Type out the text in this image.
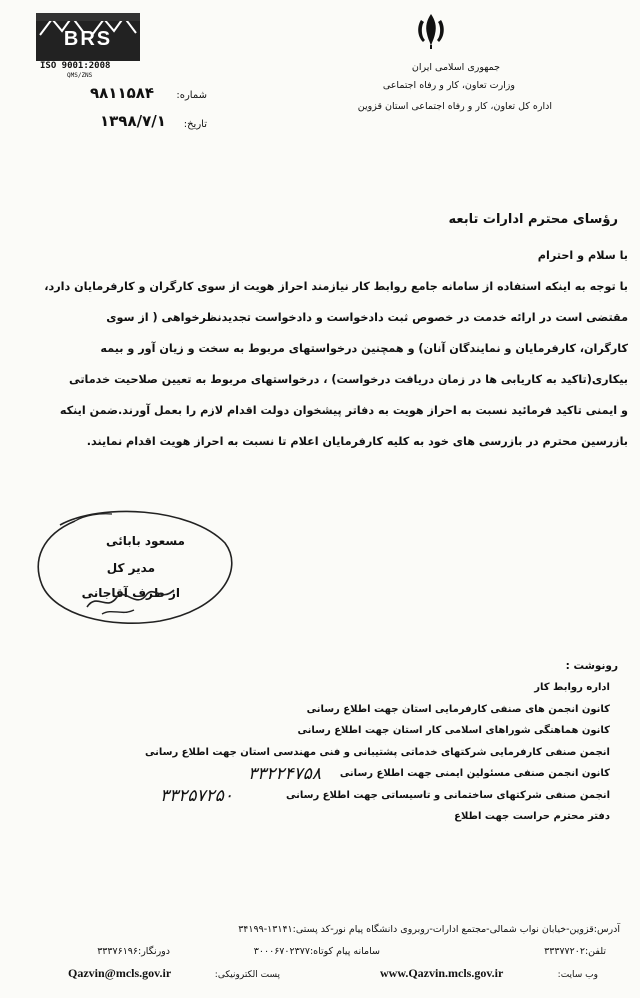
جمهوری اسلامی ایران
وزارت تعاون، کار و رفاه اجتماعی
اداره کل تعاون، کار و رفاه اجتماعی استان قزوین
BRS
ISO 9001:2008
QMS/ZNS
شماره:
۹۸۱۱۵۸۴
تاریخ:
۱۳۹۸/۷/۱
رؤسای محترم ادارات تابعه

با سلام و احترام

با توجه به اینکه استفاده از سامانه جامع روابط کار نیازمند احراز هویت از سوی کارگران و کارفرمایان دارد،

مقتضی است در ارائه خدمت در خصوص ثبت دادخواست و دادخواست تجدیدنظرخواهی ( از سوی

کارگران، کارفرمایان و نمایندگان آنان) و همچنین درخواستهای مربوط به سخت و زیان آور و بیمه

بیکاری(تاکید به کاریابی ها در زمان دریافت درخواست) ، درخواستهای مربوط به تعیین صلاحیت خدماتی

و ایمنی تاکید فرمائید نسبت به احراز هویت به دفاتر پیشخوان دولت اقدام لازم را بعمل آورند.ضمن اینکه

بازرسین محترم در بازرسی های خود به کلیه کارفرمایان اعلام تا نسبت به احراز هویت اقدام نمایند.

مسعود بابائی
مدیر کل
از طرف آقاجانی
رونوشت :

اداره روابط کار

کانون انجمن های صنفی کارفرمایی استان جهت اطلاع رسانی

کانون هماهنگی شوراهای اسلامی کار استان جهت اطلاع رسانی

انجمن صنفی کارفرمایی شرکتهای خدماتی پشتیبانی و فنی مهندسی استان جهت اطلاع رسانی

کانون انجمن صنفی مسئولین ایمنی جهت اطلاع رسانی

انجمن صنفی شرکتهای ساختمانی و تاسیساتی جهت اطلاع رسانی

دفتر محترم حراست جهت اطلاع

۳۳۲۲۴۷۵۸
۳۳۲۵۷۲۵۰
آدرس:قزوین-خیابان نواب شمالی-مجتمع ادارات-روبروی دانشگاه پیام نور-کد پستی:۱۳۱۴۱-۳۴۱۹۹
تلفن:۳۳۳۷۷۲۰۲
سامانه پیام کوتاه:۳۰۰۰۶۷۰۲۳۷۷
دورنگار:۳۳۳۷۶۱۹۶
وب سایت:
www.Qazvin.mcls.gov.ir
پست الکترونیکی:
Qazvin@mcls.gov.ir
